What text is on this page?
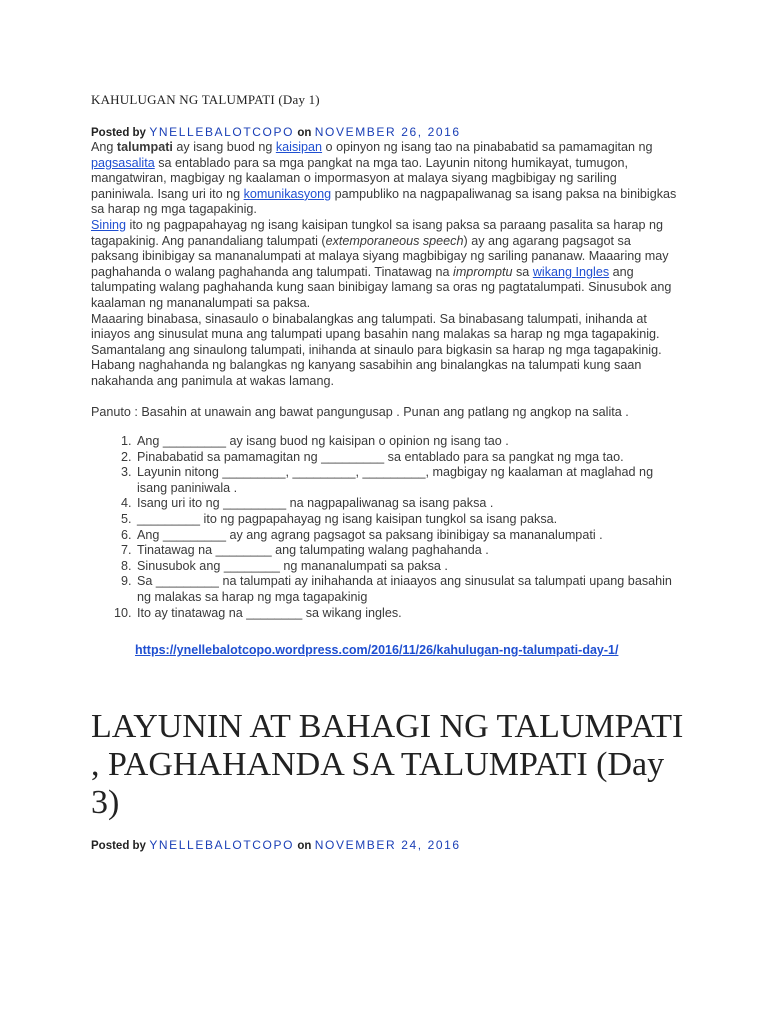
KAHULUGAN NG TALUMPATI (Day 1)
Posted by YNELLEBALOTCOPO on NOVEMBER 26, 2016

Ang talumpati ay isang buod ng kaisipan o opinyon ng isang tao na pinababatid sa pamamagitan ng pagsasalita sa entablado para sa mga pangkat na mga tao. Layunin nitong humikayat, tumugon, mangatwiran, magbigay ng kaalaman o impormasyon at malaya siyang magbibigay ng sariling paniniwala. Isang uri ito ng komunikasyong pampubliko na nagpapaliwanag sa isang paksa na binibigkas sa harap ng mga tagapakinig.

Sining ito ng pagpapahayag ng isang kaisipan tungkol sa isang paksa sa paraang pasalita sa harap ng tagapakinig. Ang panandaliang talumpati (extemporaneous speech) ay ang agarang pagsagot sa paksang ibinibigay sa mananalumpati at malaya siyang magbibigay ng sariling pananaw. Maaaring may paghahanda o walang paghahanda ang talumpati. Tinatawag na impromptu sa wikang Ingles ang talumpating walang paghahanda kung saan binibigay lamang sa oras ng pagtatalumpati. Sinusubok ang kaalaman ng mananalumpati sa paksa.

Maaaring binabasa, sinasaulo o binabalangkas ang talumpati. Sa binabasang talumpati, inihanda at iniayos ang sinusulat muna ang talumpati upang basahin nang malakas sa harap ng mga tagapakinig. Samantalang ang sinaulong talumpati, inihanda at sinaulo para bigkasin sa harap ng mga tagapakinig. Habang naghahanda ng balangkas ng kanyang sasabihin ang binalangkas na talumpati kung saan nakahanda ang panimula at wakas lamang.

Panuto : Basahin at unawain ang bawat pangungusap . Punan ang patlang ng angkop na salita .

1. Ang _________ ay isang buod ng kaisipan o opinion ng isang tao .
2. Pinababatid sa pamamagitan ng _________ sa entablado para sa pangkat ng mga tao.
3. Layunin nitong _________, _________, _________, magbigay ng kaalaman at maglahad ng isang paniniwala .
4. Isang uri ito ng _________ na nagpapaliwanag sa isang paksa .
5. _________ ito ng pagpapahayag ng isang kaisipan tungkol sa isang paksa.
6. Ang _________ ay ang agrang pagsagot sa paksang ibinibigay sa mananalumpati .
7. Tinatawag na ________ ang talumpating walang paghahanda .
8. Sinusubok ang ________ ng mananalumpati sa paksa .
9. Sa _________ na talumpati ay inihahanda at iniaayos ang sinusulat sa talumpati upang basahin ng malakas sa harap ng mga tagapakinig
10. Ito ay tinatawag na ________ sa wikang ingles.
https://ynellebalotcopo.wordpress.com/2016/11/26/kahulugan-ng-talumpati-day-1/
LAYUNIN AT BAHAGI NG TALUMPATI , PAGHAHANDA SA TALUMPATI (Day 3)
Posted by YNELLEBALOTCOPO on NOVEMBER 24, 2016
